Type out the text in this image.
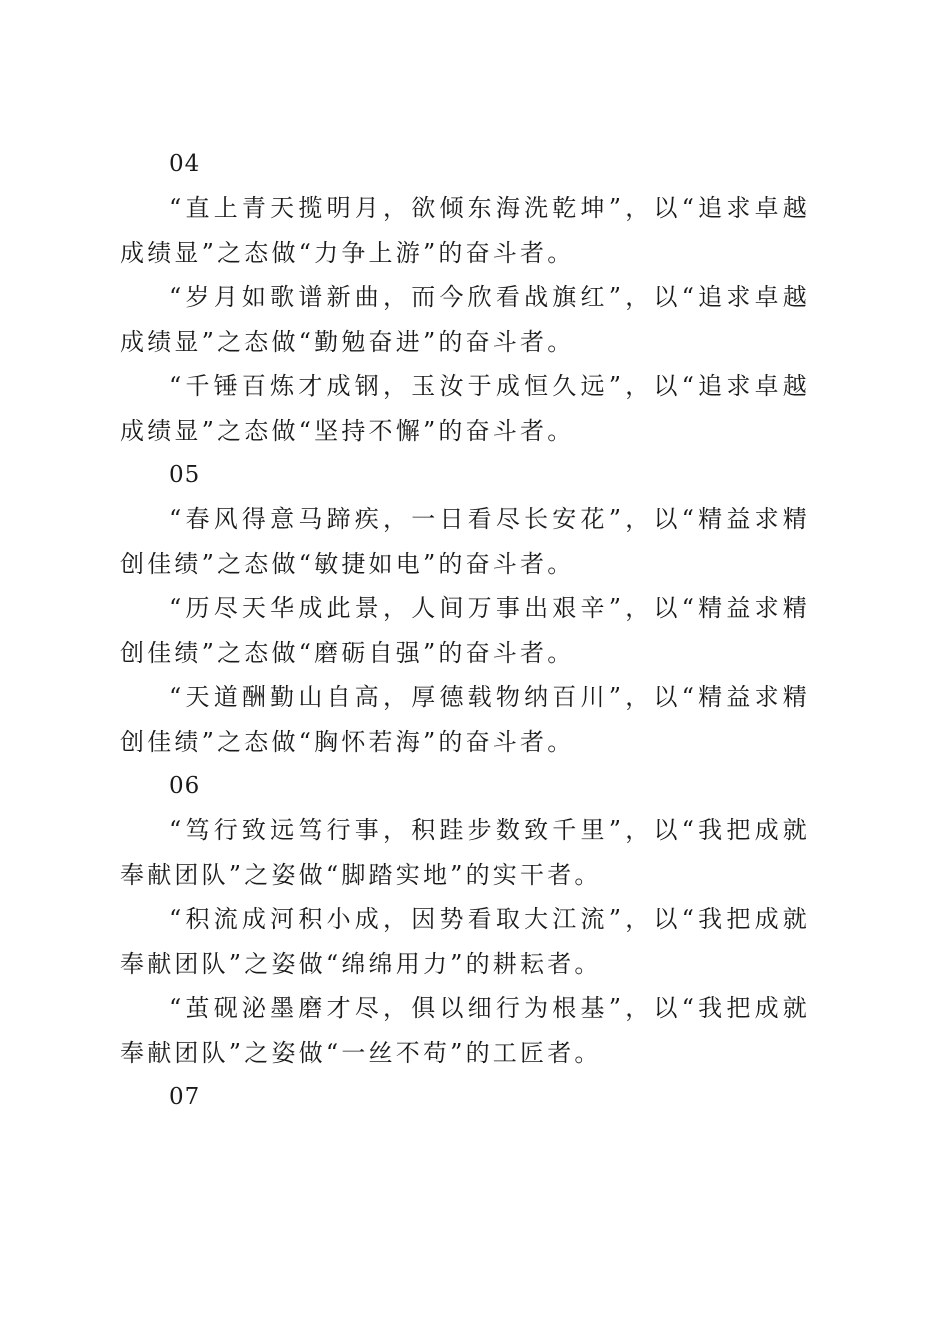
04

“直上青天揽明月，欲倾东海洗乾坤”，以“追求卓越成绩显”之态做“力争上游”的奋斗者。

“岁月如歌谱新曲，而今欣看战旗红”，以“追求卓越成绩显”之态做“勤勉奋进”的奋斗者。

“千锤百炼才成钢，玉汝于成恒久远”，以“追求卓越成绩显”之态做“坚持不懈”的奋斗者。

05

“春风得意马蹄疾，一日看尽长安花”，以“精益求精创佳绩”之态做“敏捷如电”的奋斗者。

“历尽天华成此景，人间万事出艰辛”，以“精益求精创佳绩”之态做“磨砺自强”的奋斗者。

“天道酬勤山自高，厚德载物纳百川”，以“精益求精创佳绩”之态做“胸怀若海”的奋斗者。

06

“笃行致远笃行事，积跬步数致千里”，以“我把成就奉献团队”之姿做“脚踏实地”的实干者。

“积流成河积小成，因势看取大江流”，以“我把成就奉献团队”之姿做“绵绵用力”的耕耘者。

“茧砚泌墨磨才尽，俱以细行为根基”，以“我把成就奉献团队”之姿做“一丝不苟”的工匠者。

07
